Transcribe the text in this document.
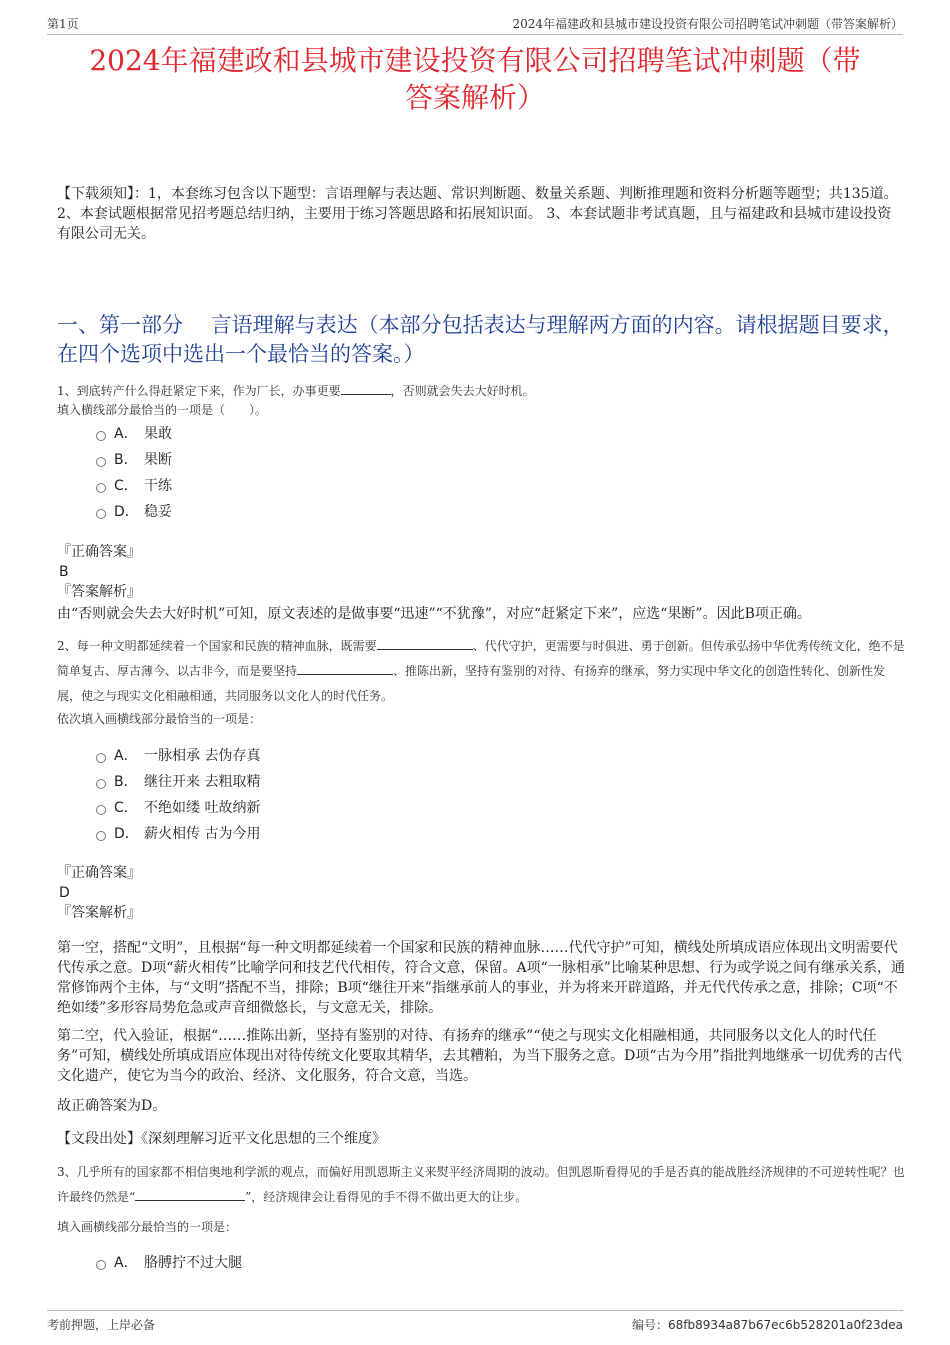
第1页	2024年福建政和县城市建设投资有限公司招聘笔试冲刺题（带答案解析）
2024年福建政和县城市建设投资有限公司招聘笔试冲刺题（带
答案解析）
【下载须知】：1，本套练习包含以下题型：言语理解与表达题、常识判断题、数量关系题、判断推理题和资料分析题等题型；共135道。 2、本套试题根据常见招考题总结归纳，主要用于练习答题思路和拓展知识面。 3、本套试题非考试真题，且与福建政和县城市建设投资有限公司无关。
一、第一部分　 言语理解与表达（本部分包括表达与理解两方面的内容。请根据题目要求，在四个选项中选出一个最恰当的答案。）
1、到底转产什么得赶紧定下来，作为厂长，办事更要	，否则就会失去大好时机。
填入横线部分最恰当的一项是（　　）。
A． 果敢
B． 果断
C． 干练
D． 稳妥
『正确答案』
B
『答案解析』
由“否则就会失去大好时机”可知，原文表述的是做事要“迅速”“不犹豫”，对应“赶紧定下来”，应选“果断”。因此B项正确。
2、每一种文明都延续着一个国家和民族的精神血脉，既需要	、代代守护，更需要与时俱进、勇于创新。但传承弘扬中华优秀传统文化，绝不是简单复古、厚古薄今、以古非今，而是要坚持	、推陈出新，坚持有鉴别的对待、有扬弃的继承，努力实现中华文化的创造性转化、创新性发展，使之与现实文化相融相通，共同服务以文化人的时代任务。
依次填入画横线部分最恰当的一项是：
A． 一脉相承 去伪存真
B． 继往开来 去粗取精
C． 不绝如缕 吐故纳新
D． 薪火相传 古为今用
『正确答案』
D
『答案解析』
第一空，搭配“文明”，且根据“每一种文明都延续着一个国家和民族的精神血脉……代代守护”可知，横线处所填成语应体现出文明需要代代传承之意。D项“薪火相传”比喻学问和技艺代代相传，符合文意，保留。A项“一脉相承”比喻某种思想、行为或学说之间有继承关系，通常修饰两个主体，与“文明”搭配不当，排除；B项“继往开来”指继承前人的事业，并为将来开辟道路，并无代代传承之意，排除；C项“不绝如缕”多形容局势危急或声音细微悠长，与文意无关，排除。
第二空，代入验证，根据“……推陈出新，坚持有鉴别的对待、有扬弃的继承”“使之与现实文化相融相通，共同服务以文化人的时代任务”可知，横线处所填成语应体现出对待传统文化要取其精华，去其糟粕，为当下服务之意。D项“古为今用”指批判地继承一切优秀的古代文化遗产，使它为当今的政治、经济、文化服务，符合文意，当选。
故正确答案为D。
【文段出处】《深刻理解习近平文化思想的三个维度》
3、几乎所有的国家都不相信奥地利学派的观点，而偏好用凯恩斯主义来熨平经济周期的波动。但凯恩斯看得见的手是否真的能战胜经济规律的不可逆转性呢？也许最终仍然是“	”，经济规律会让看得见的手不得不做出更大的让步。
填入画横线部分最恰当的一项是：
A． 胳膊拧不过大腿
考前押题，上岸必备	编号：68fb8934a87b67ec6b528201a0f23dea
